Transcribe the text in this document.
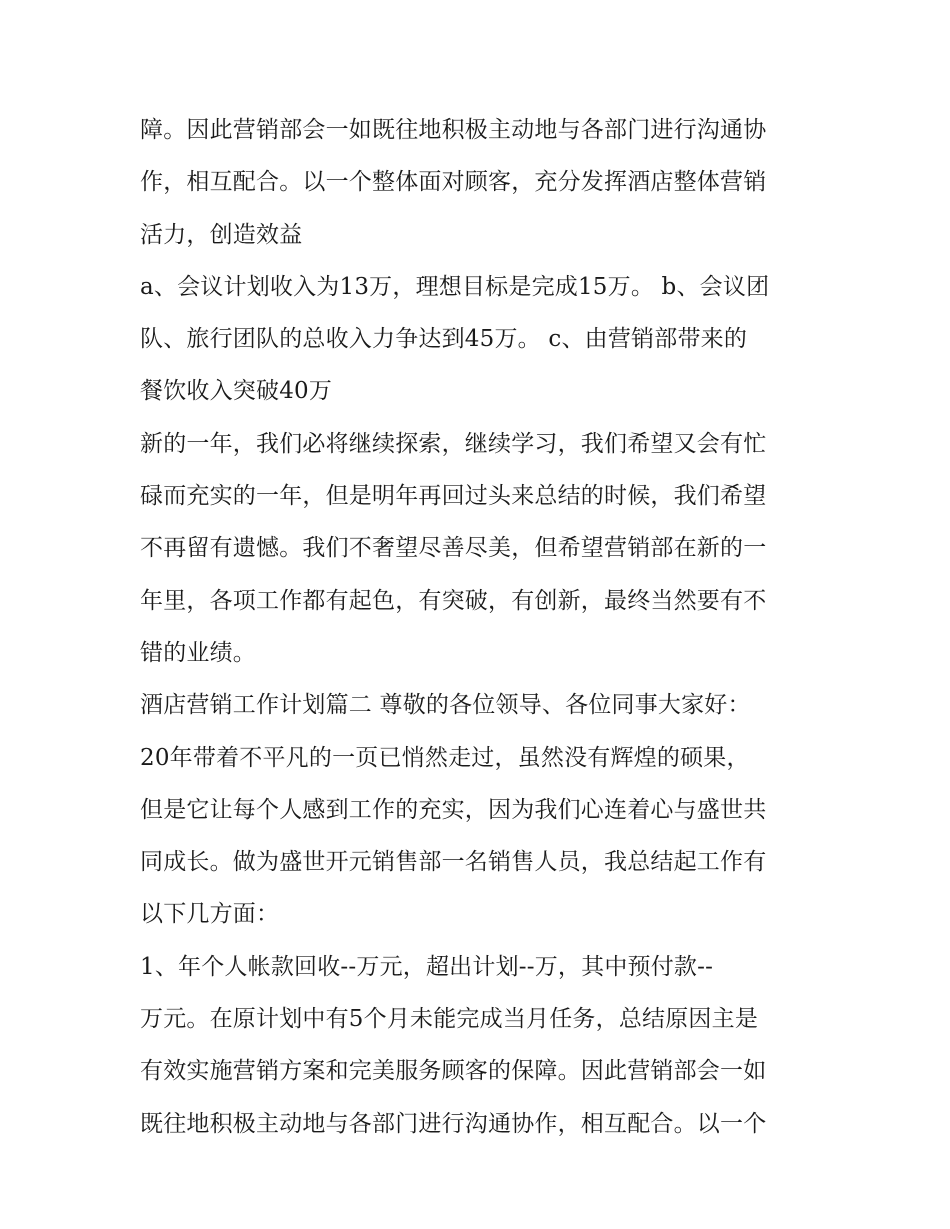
障。因此营销部会一如既往地积极主动地与各部门进行沟通协
作，相互配合。以一个整体面对顾客，充分发挥酒店整体营销
活力，创造效益
a、会议计划收入为13万，理想目标是完成15万。 b、会议团
队、旅行团队的总收入力争达到45万。 c、由营销部带来的
餐饮收入突破40万
新的一年，我们必将继续探索，继续学习，我们希望又会有忙
碌而充实的一年，但是明年再回过头来总结的时候，我们希望
不再留有遗憾。我们不奢望尽善尽美，但希望营销部在新的一
年里，各项工作都有起色，有突破，有创新，最终当然要有不
错的业绩。
酒店营销工作计划篇二 尊敬的各位领导、各位同事大家好：
20年带着不平凡的一页已悄然走过，虽然没有辉煌的硕果，
但是它让每个人感到工作的充实，因为我们心连着心与盛世共
同成长。做为盛世开元销售部一名销售人员，我总结起工作有
以下几方面：
1、年个人帐款回收--万元，超出计划--万，其中预付款--
万元。在原计划中有5个月未能完成当月任务，总结原因主是
有效实施营销方案和完美服务顾客的保障。因此营销部会一如
既往地积极主动地与各部门进行沟通协作，相互配合。以一个
